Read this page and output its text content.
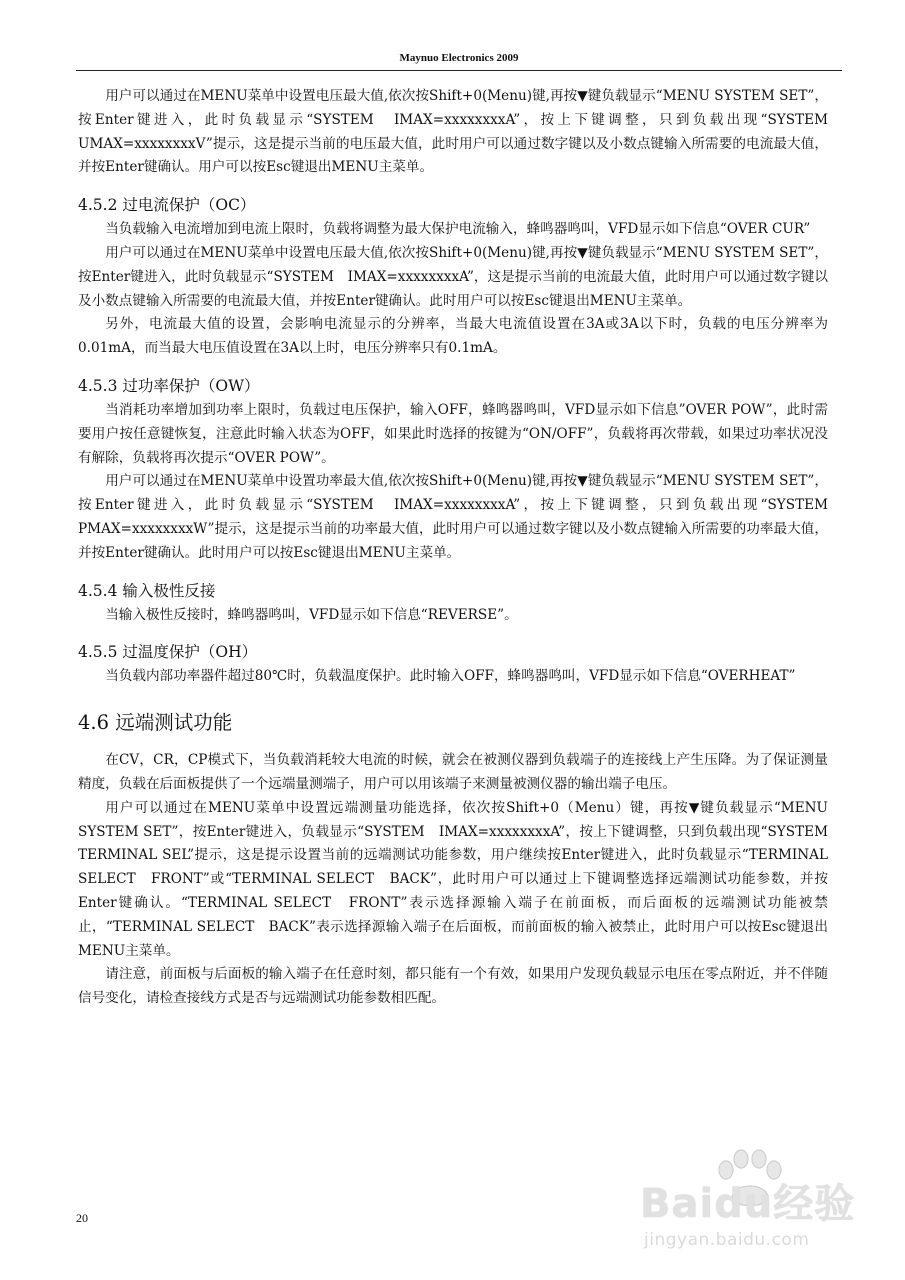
Maynuo Electronics 2009

用户可以通过在MENU菜单中设置电压最大值,依次按Shift+0(Menu)键,再按▼键负载显示“MENU SYSTEM SET”，按Enter键进入，此时负载显示“SYSTEM　IMAX=xxxxxxxxA”，按上下键调整，只到负载出现“SYSTEM UMAX=xxxxxxxxV”提示，这是提示当前的电压最大值，此时用户可以通过数字键以及小数点键输入所需要的电流最大值，并按Enter键确认。用户可以按Esc键退出MENU主菜单。

4.5.2 过电流保护（OC）

当负载输入电流增加到电流上限时，负载将调整为最大保护电流输入，蜂鸣器鸣叫，VFD显示如下信息“OVER CUR”

用户可以通过在MENU菜单中设置电压最大值,依次按Shift+0(Menu)键,再按▼键负载显示“MENU SYSTEM SET”，按Enter键进入，此时负载显示“SYSTEM　IMAX=xxxxxxxxA”，这是提示当前的电流最大值，此时用户可以通过数字键以及小数点键输入所需要的电流最大值，并按Enter键确认。此时用户可以按Esc键退出MENU主菜单。

另外，电流最大值的设置，会影响电流显示的分辨率，当最大电流值设置在3A或3A以下时，负载的电压分辨率为0.01mA，而当最大电压值设置在3A以上时，电压分辨率只有0.1mA。

4.5.3 过功率保护（OW）

当消耗功率增加到功率上限时，负载过电压保护，输入OFF，蜂鸣器鸣叫，VFD显示如下信息”OVER POW”，此时需要用户按任意键恢复，注意此时输入状态为OFF，如果此时选择的按键为“ON/OFF”，负载将再次带载，如果过功率状况没有解除，负载将再次提示“OVER POW”。

用户可以通过在MENU菜单中设置功率最大值,依次按Shift+0(Menu)键,再按▼键负载显示“MENU SYSTEM SET”，按Enter键进入，此时负载显示“SYSTEM　IMAX=xxxxxxxxA”，按上下键调整，只到负载出现“SYSTEM PMAX=xxxxxxxxW”提示，这是提示当前的功率最大值，此时用户可以通过数字键以及小数点键输入所需要的功率最大值，并按Enter键确认。此时用户可以按Esc键退出MENU主菜单。

4.5.4 输入极性反接

当输入极性反接时，蜂鸣器鸣叫，VFD显示如下信息“REVERSE”。

4.5.5 过温度保护（OH）

当负载内部功率器件超过80℃时，负载温度保护。此时输入OFF，蜂鸣器鸣叫，VFD显示如下信息“OVERHEAT”

4.6 远端测试功能

在CV，CR，CP模式下，当负载消耗较大电流的时候，就会在被测仪器到负载端子的连接线上产生压降。为了保证测量精度，负载在后面板提供了一个远端量测端子，用户可以用该端子来测量被测仪器的输出端子电压。

用户可以通过在MENU菜单中设置远端测量功能选择，依次按Shift+0（Menu）键，再按▼键负载显示“MENU SYSTEM SET”，按Enter键进入，负载显示“SYSTEM　IMAX=xxxxxxxxA”，按上下键调整，只到负载出现“SYSTEM TERMINAL SEL”提示，这是提示设置当前的远端测试功能参数，用户继续按Enter键进入，此时负载显示“TERMINAL SELECT　FRONT”或“TERMINAL SELECT　BACK”，此时用户可以通过上下键调整选择远端测试功能参数，并按Enter键确认。“TERMINAL SELECT　FRONT”表示选择源输入端子在前面板，而后面板的远端测试功能被禁止，“TERMINAL SELECT　BACK”表示选择源输入端子在后面板，而前面板的输入被禁止，此时用户可以按Esc键退出MENU主菜单。

请注意，前面板与后面板的输入端子在任意时刻，都只能有一个有效，如果用户发现负载显示电压在零点附近，并不伴随信号变化，请检查接线方式是否与远端测试功能参数相匹配。

20	Baidu经验
jingyan.baidu.com
